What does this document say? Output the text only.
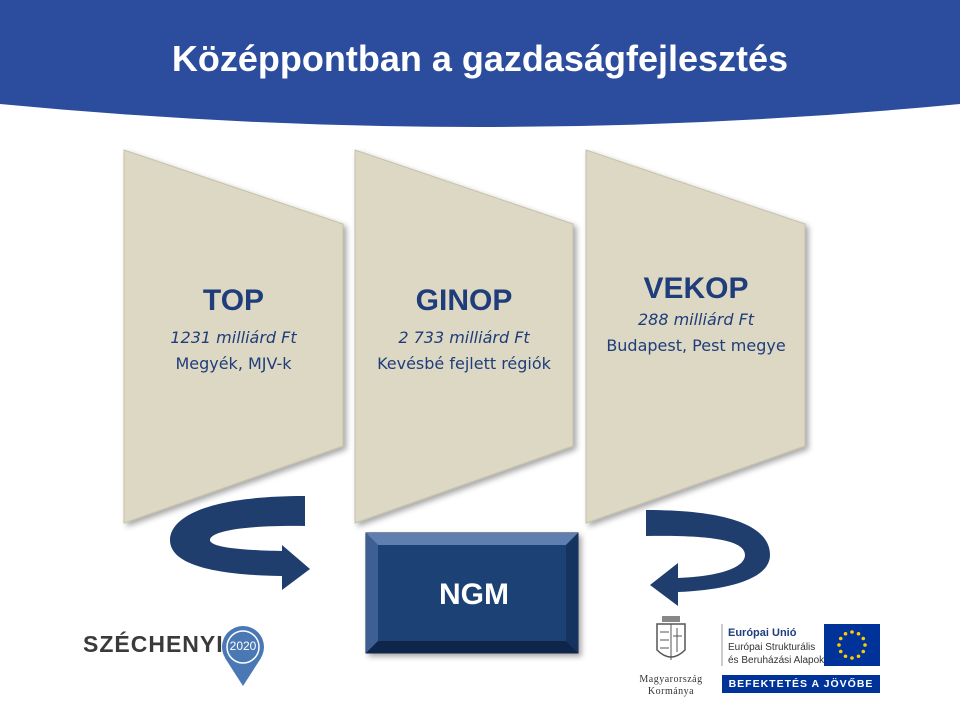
Középpontban a gazdaságfejlesztés

TOP

1231 milliárd Ft

Megyék, MJV-k

GINOP

2 733 milliárd Ft

Kevésbé fejlett régiók

VEKOP

288 milliárd Ft

Budapest, Pest megye

NGM
SZÉCHENYI 2020
Magyarország
Kormánya
Európai Unió
Európai Strukturális
és Beruházási Alapok
BEFEKTETÉS A JÖVŐBE
